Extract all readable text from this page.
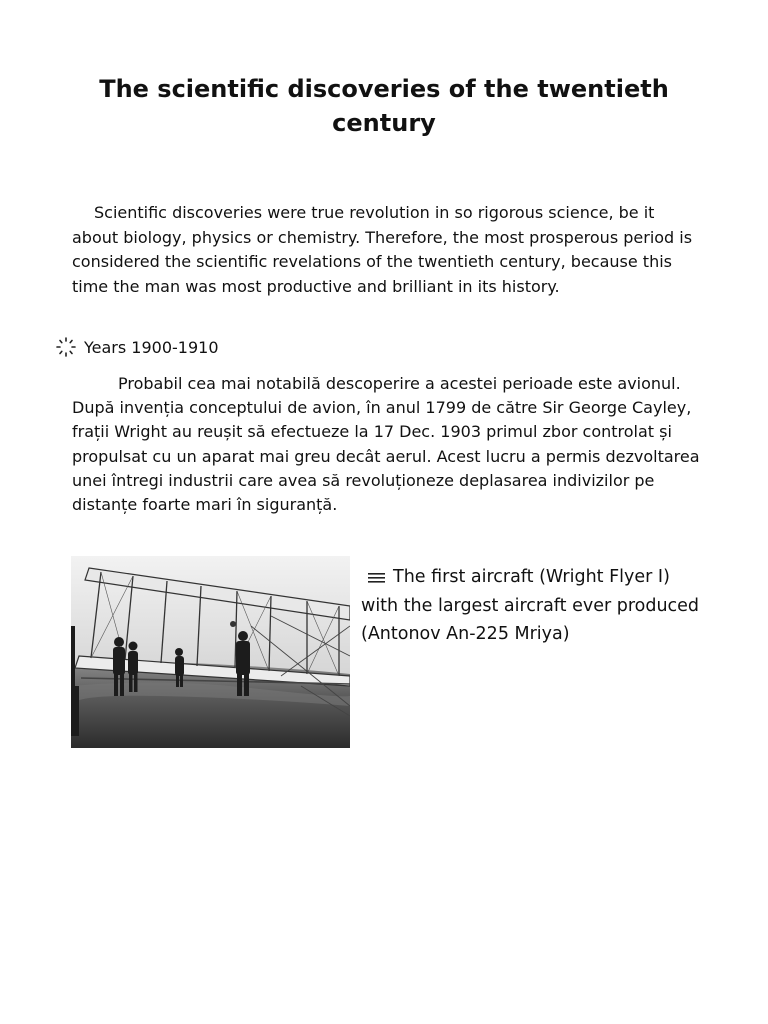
The scientific discoveries of the twentieth century

Scientific discoveries were true revolution in so rigorous science, be it about biology, physics or chemistry. Therefore, the most prosperous period is considered the scientific revelations of the twentieth century, because this time the man was most productive and brilliant in its history.

Years 1900-1910

Probabil cea mai notabilă descoperire a acestei perioade este avionul. După invenția conceptului de avion, în anul 1799 de către Sir George Cayley, frații Wright au reușit să efectueze la 17 Dec. 1903 primul zbor controlat și propulsat cu un aparat mai greu decât aerul. Acest lucru a permis dezvoltarea unei întregi industrii care avea să revoluționeze deplasarea indivizilor pe distanțe foarte mari în siguranță.

The first aircraft (Wright Flyer I) with the largest aircraft ever produced (Antonov An-225 Mriya)
